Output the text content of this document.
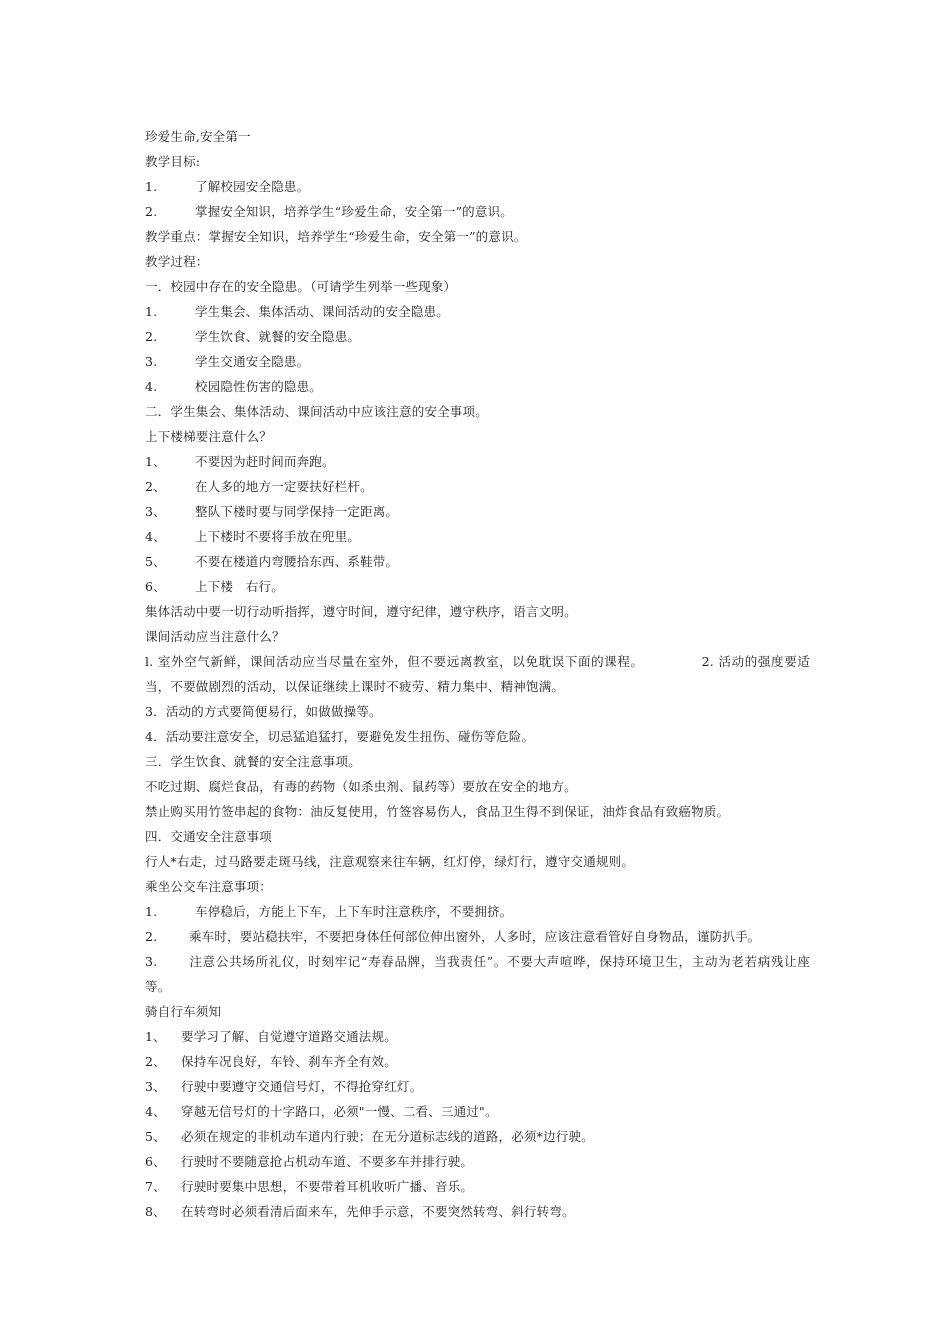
珍爱生命,安全第一
教学目标:
1.	了解校园安全隐患。
2.	掌握安全知识，培养学生“珍爱生命，安全第一”的意识。
教学重点：掌握安全知识，培养学生“珍爱生命，安全第一”的意识。
教学过程：
一．校园中存在的安全隐患。（可请学生列举一些现象）
1.	学生集会、集体活动、课间活动的安全隐患。
2.	学生饮食、就餐的安全隐患。
3.	学生交通安全隐患。
4.	校园隐性伤害的隐患。
二．学生集会、集体活动、课间活动中应该注意的安全事项。
上下楼梯要注意什么？
1、 不要因为赶时间而奔跑。
2、 在人多的地方一定要扶好栏杆。
3、 整队下楼时要与同学保持一定距离。
4、 上下楼时不要将手放在兜里。
5、 不要在楼道内弯腰拾东西、系鞋带。
6、 上下楼　右行。
集体活动中要一切行动听指挥，遵守时间，遵守纪律，遵守秩序，语言文明。
课间活动应当注意什么？
l. 室外空气新鲜，课间活动应当尽量在室外，但不要远离教室，以免耽误下面的课程。	2. 活动的强度要适当，不要做剧烈的活动，以保证继续上课时不疲劳、精力集中、精神饱满。
3．活动的方式要简便易行，如做做操等。
4．活动要注意安全，切忌猛追猛打，要避免发生扭伤、碰伤等危险。
三．学生饮食、就餐的安全注意事项。
不吃过期、腐烂食品，有毒的药物（如杀虫剂、鼠药等）要放在安全的地方。
禁止购买用竹签串起的食物：油反复使用，竹签容易伤人，食品卫生得不到保证，油炸食品有致癌物质。
四．交通安全注意事项
行人*右走，过马路要走斑马线，注意观察来往车辆，红灯停，绿灯行，遵守交通规则。
乘坐公交车注意事项：
1.	车停稳后，方能上下车，上下车时注意秩序，不要拥挤。
2.	乘车时，要站稳扶牢，不要把身体任何部位伸出窗外，人多时，应该注意看管好自身物品，谨防扒手。
3.	注意公共场所礼仪，时刻牢记“寿春品牌，当我责任”。不要大声喧哗，保持环境卫生，主动为老若病残让座等。
骑自行车须知
1、 要学习了解、自觉遵守道路交通法规。
2、 保持车况良好，车铃、刹车齐全有效。
3、 行驶中要遵守交通信号灯，不得抢穿红灯。
4、 穿越无信号灯的十字路口，必须"一慢、二看、三通过"。
5、 必须在规定的非机动车道内行驶；在无分道标志线的道路，必须*边行驶。
6、 行驶时不要随意抢占机动车道、不要多车并排行驶。
7、 行驶时要集中思想，不要带着耳机收听广播、音乐。
8、 在转弯时必须看清后面来车，先伸手示意，不要突然转弯、斜行转弯。
